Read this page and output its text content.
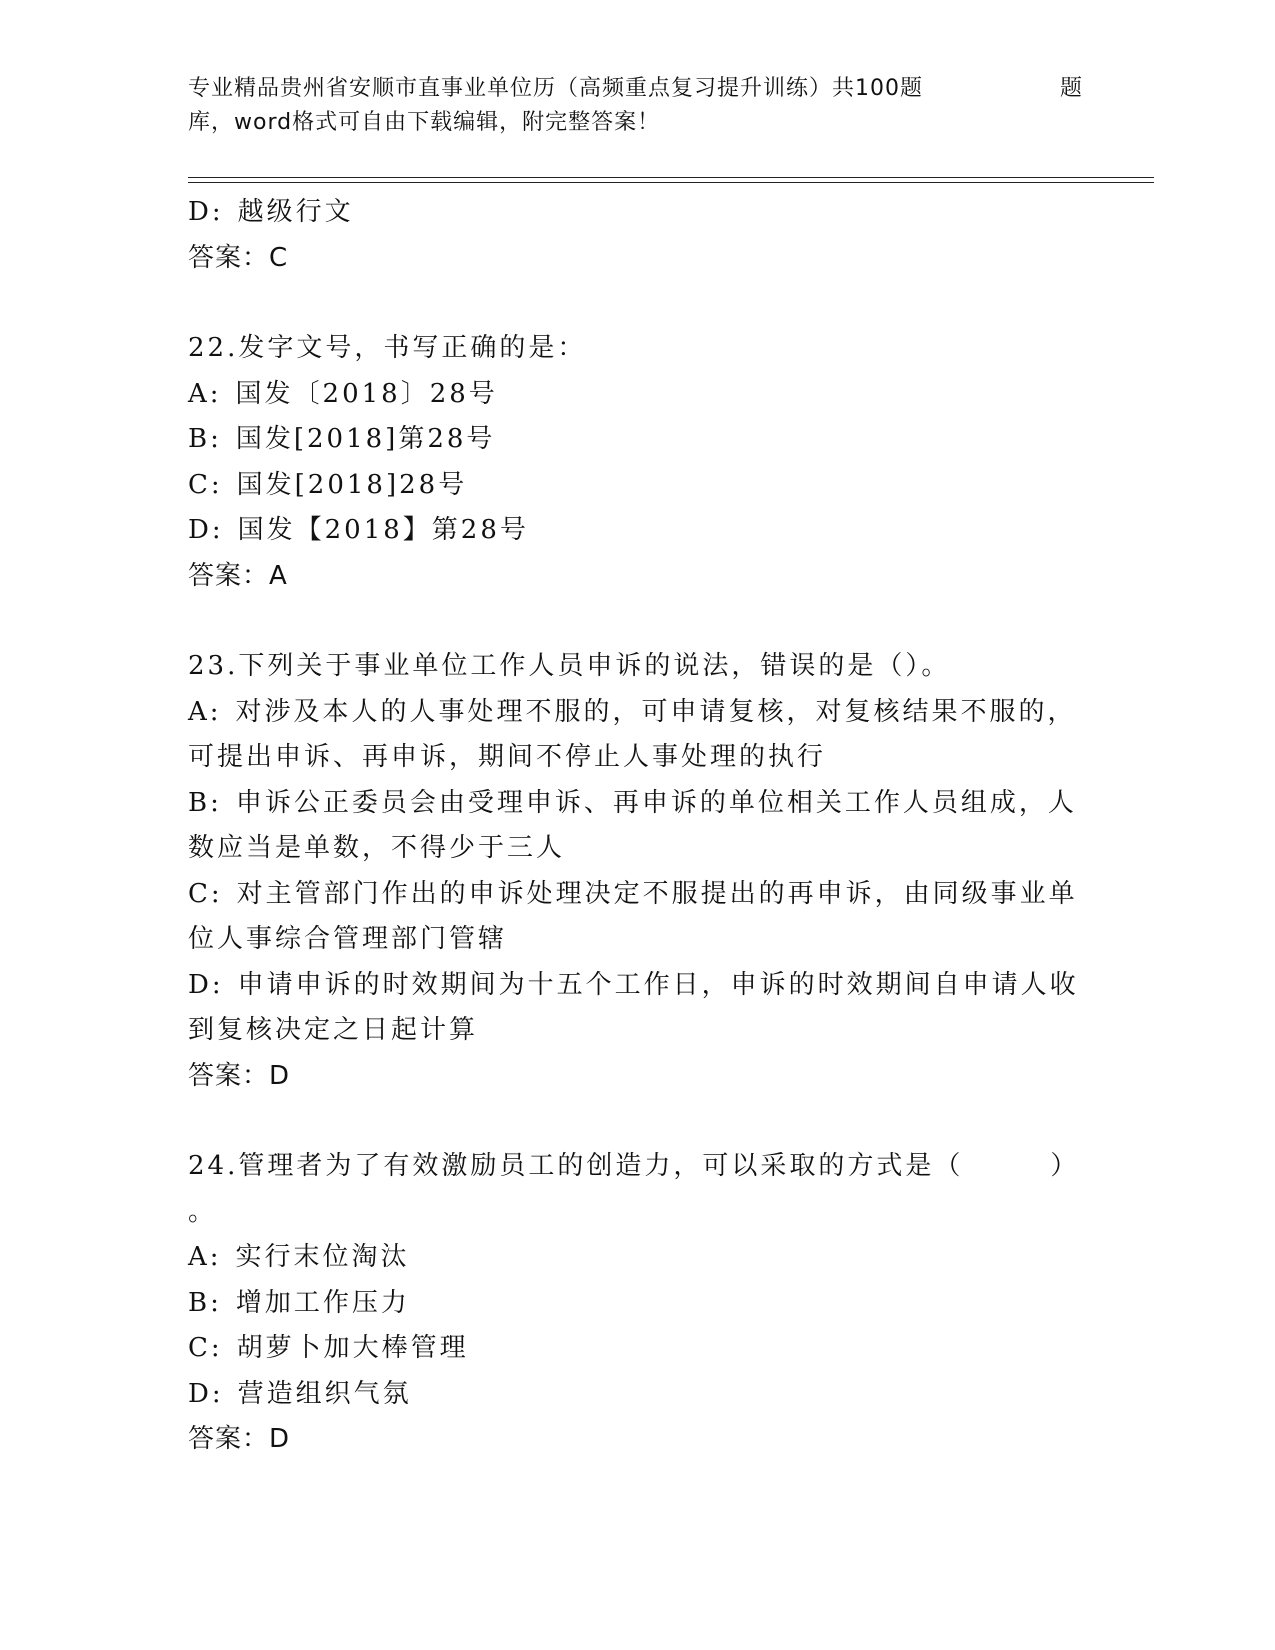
专业精品贵州省安顺市直事业单位历（高频重点复习提升训练）共100题	题
库，word格式可自由下载编辑，附完整答案！
D: 越级行文
答案：C
22.发字文号，书写正确的是：
A: 国发〔2018〕28号
B: 国发[2018]第28号
C: 国发[2018]28号
D: 国发【2018】第28号
答案：A
23.下列关于事业单位工作人员申诉的说法，错误的是（）。
A: 对涉及本人的人事处理不服的，可申请复核，对复核结果不服的，
可提出申诉、再申诉，期间不停止人事处理的执行
B: 申诉公正委员会由受理申诉、再申诉的单位相关工作人员组成，人
数应当是单数，不得少于三人
C: 对主管部门作出的申诉处理决定不服提出的再申诉，由同级事业单
位人事综合管理部门管辖
D: 申请申诉的时效期间为十五个工作日，申诉的时效期间自申请人收
到复核决定之日起计算
答案：D
24.管理者为了有效激励员工的创造力，可以采取的方式是（　　　）
。
A: 实行末位淘汰
B: 增加工作压力
C: 胡萝卜加大棒管理
D: 营造组织气氛
答案：D
